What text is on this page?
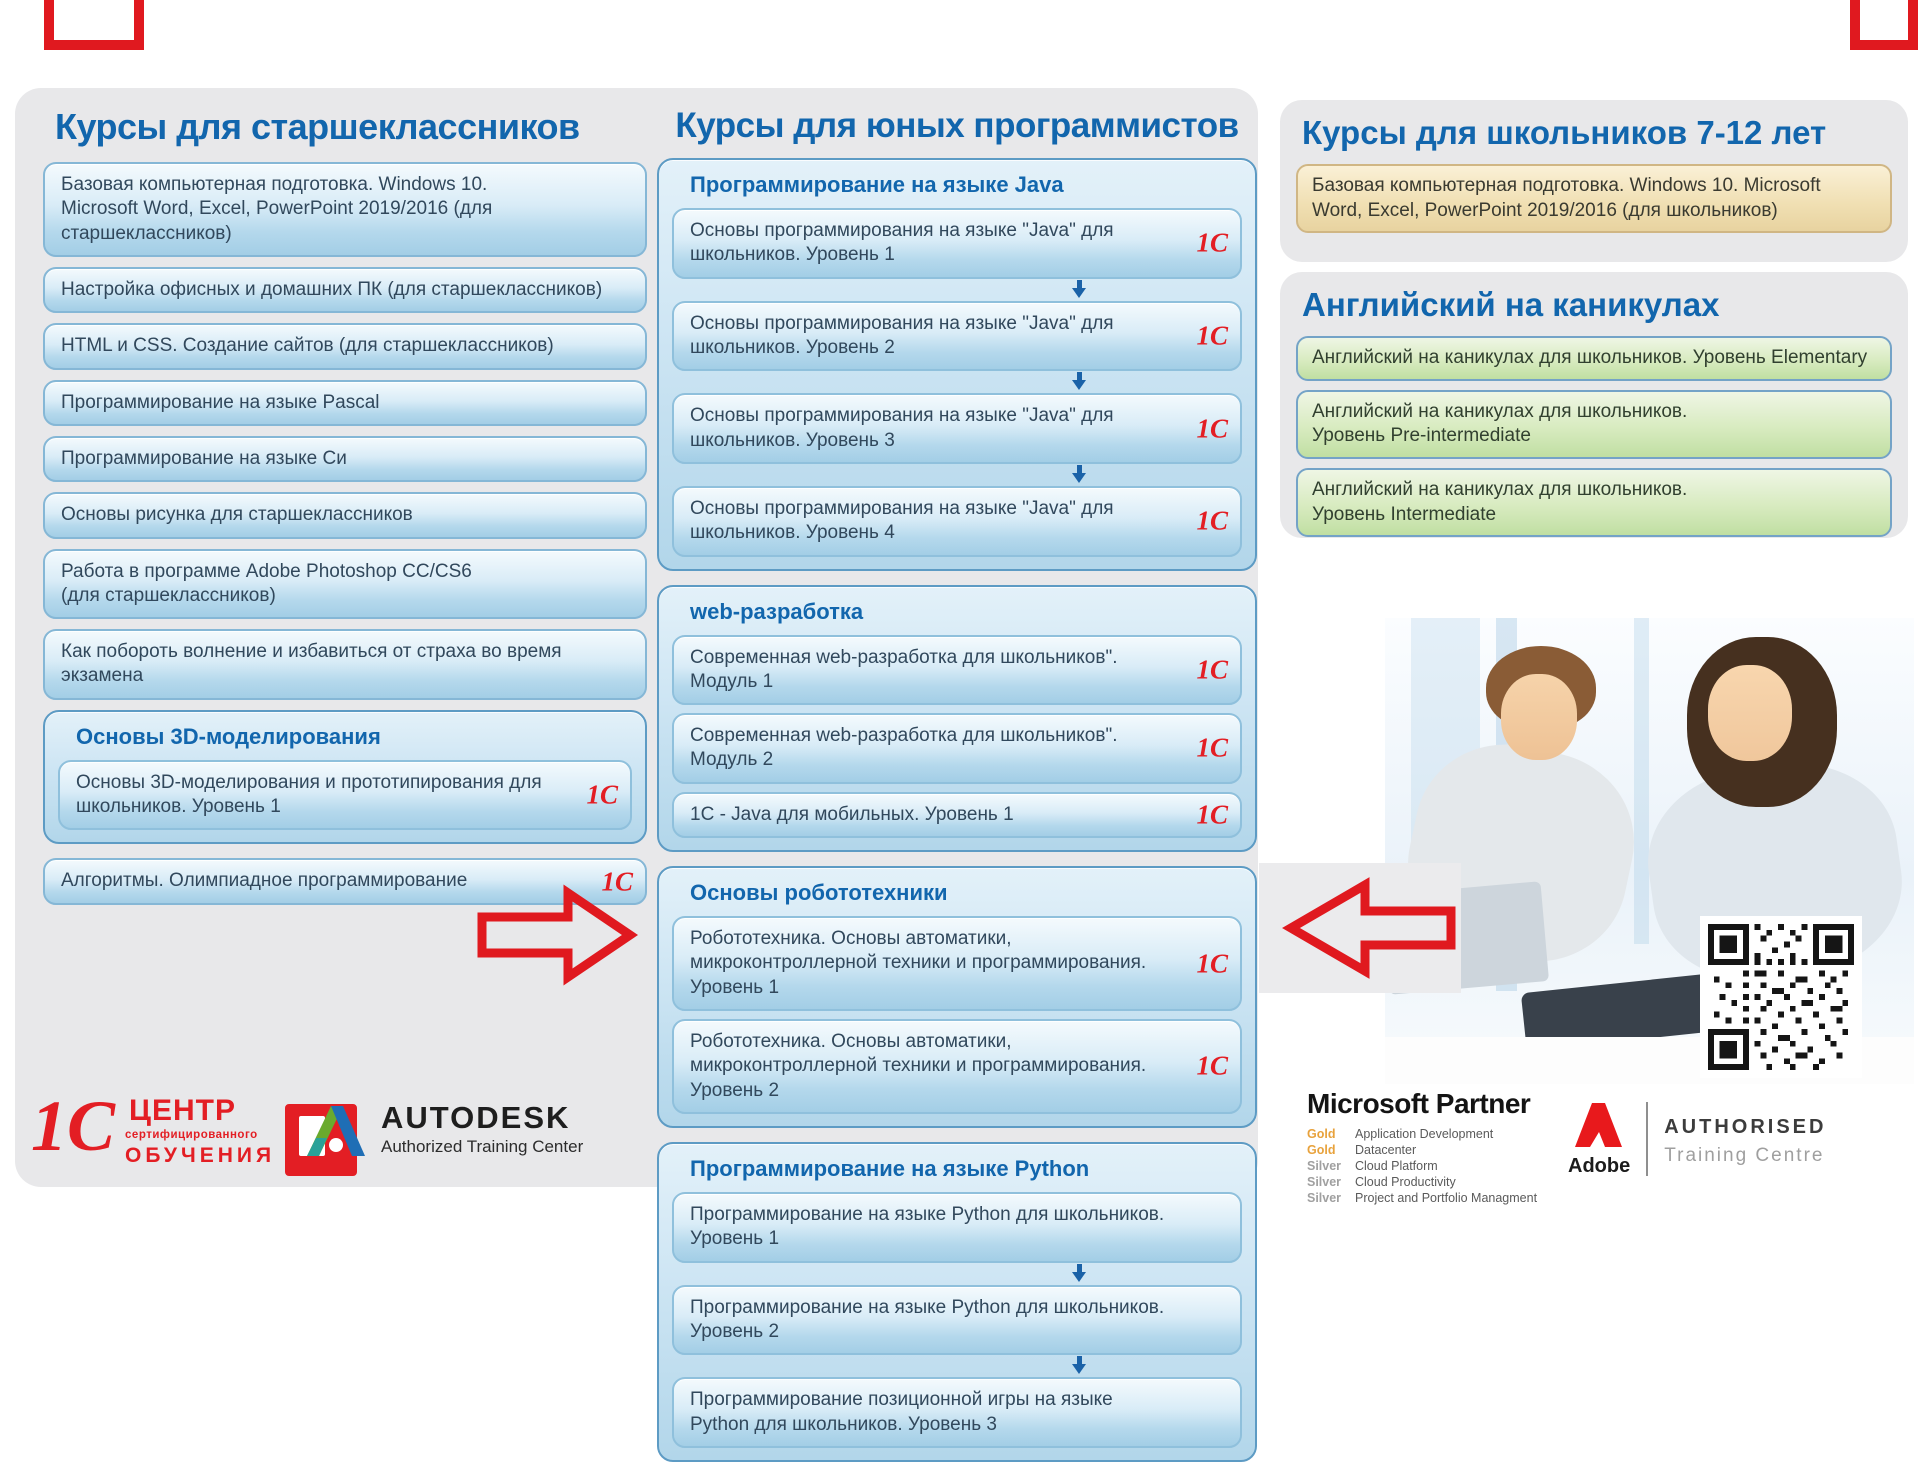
Курсы для старшеклассников
Базовая компьютерная подготовка. Windows 10. Microsoft Word, Excel, PowerPoint 2019/2016 (для старшеклассников)
Настройка офисных и домашних ПК (для старшеклассников)
HTML и CSS. Создание сайтов (для старшеклассников)
Программирование на языке Pascal
Программирование на языке Си
Основы рисунка для старшеклассников
Работа в программе Adobe Photoshop CC/CS6 (для старшеклассников)
Как побороть волнение и избавиться от страха во время экзамена
Основы 3D-моделирования
Основы 3D-моделирования и прототипирования для школьников. Уровень 1	1С
Алгоритмы. Олимпиадное программирование	1С
Курсы для юных программистов
Программирование на языке Java
Основы программирования на языке "Java" для школьников. Уровень 1	1С
Основы программирования на языке "Java" для школьников. Уровень 2	1С
Основы программирования на языке "Java" для школьников. Уровень 3	1С
Основы программирования на языке "Java" для школьников. Уровень 4	1С
web-разработка
Современная web-разработка для школьников". Модуль 1	1С
Современная web-разработка для школьников". Модуль 2	1С
1С - Java для мобильных. Уровень 1	1С
Основы робототехники
Робототехника. Основы автоматики, микроконтроллерной техники и программирования. Уровень 1
1С
Робототехника. Основы автоматики, микроконтроллерной техники и программирования. Уровень 2
1С
Программирование на языке Python
Программирование на языке Python для школьников. Уровень 1
Программирование на языке Python для школьников. Уровень 2
Программирование позиционной игры на языке Python для школьников. Уровень 3
1С ЦЕНТР
сертифицированного
ОБУЧЕНИЯ
AUTODESK
Authorized Training Center
Курсы для школьников 7-12 лет
Базовая компьютерная подготовка. Windows 10. Microsoft Word, Excel, PowerPoint 2019/2016 (для школьников)
Английский на каникулах
Английский на каникулах для школьников. Уровень Elementary
Английский на каникулах для школьников. Уровень Pre-intermediate
Английский на каникулах для школьников. Уровень Intermediate
Microsoft Partner
Gold	Application Development
Gold	Datacenter
Silver	Cloud Platform
Silver	Cloud Productivity
Silver	Project and Portfolio Managment
Adobe
AUTHORISED
Training Centre
